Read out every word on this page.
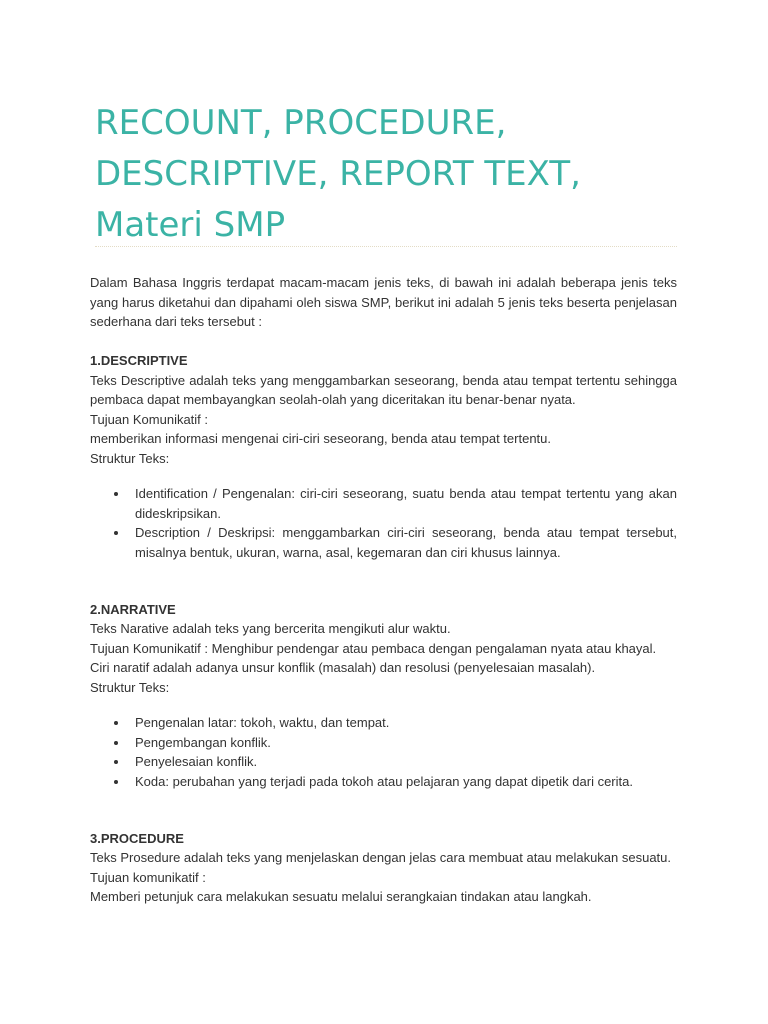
RECOUNT, PROCEDURE,
DESCRIPTIVE, REPORT TEXT,
Materi SMP

Dalam Bahasa Inggris terdapat macam-macam jenis teks, di bawah ini adalah beberapa jenis teks yang harus diketahui dan dipahami oleh siswa SMP, berikut ini adalah 5 jenis teks beserta penjelasan sederhana dari teks tersebut :

1.DESCRIPTIVE

Teks Descriptive adalah teks yang menggambarkan seseorang, benda atau tempat tertentu sehingga pembaca dapat membayangkan seolah-olah yang diceritakan itu benar-benar nyata.

Tujuan Komunikatif :

memberikan informasi mengenai ciri-ciri seseorang, benda atau tempat tertentu.

Struktur Teks:

Identification / Pengenalan: ciri-ciri seseorang, suatu benda atau tempat tertentu yang akan dideskripsikan.
Description / Deskripsi: menggambarkan ciri-ciri seseorang, benda atau tempat tersebut, misalnya bentuk, ukuran, warna, asal, kegemaran dan ciri khusus lainnya.

2.NARRATIVE

Teks Narative adalah teks yang bercerita mengikuti alur waktu.

Tujuan Komunikatif : Menghibur pendengar atau pembaca dengan pengalaman nyata atau khayal.

Ciri naratif adalah adanya unsur konflik (masalah) dan resolusi (penyelesaian masalah).

Struktur Teks:

Pengenalan latar: tokoh, waktu, dan tempat.
Pengembangan konflik.
Penyelesaian konflik.
Koda: perubahan yang terjadi pada tokoh atau pelajaran yang dapat dipetik dari cerita.

3.PROCEDURE

Teks Prosedure adalah teks yang menjelaskan dengan jelas cara membuat atau melakukan sesuatu.

Tujuan komunikatif :

Memberi petunjuk cara melakukan sesuatu melalui serangkaian tindakan atau langkah.
